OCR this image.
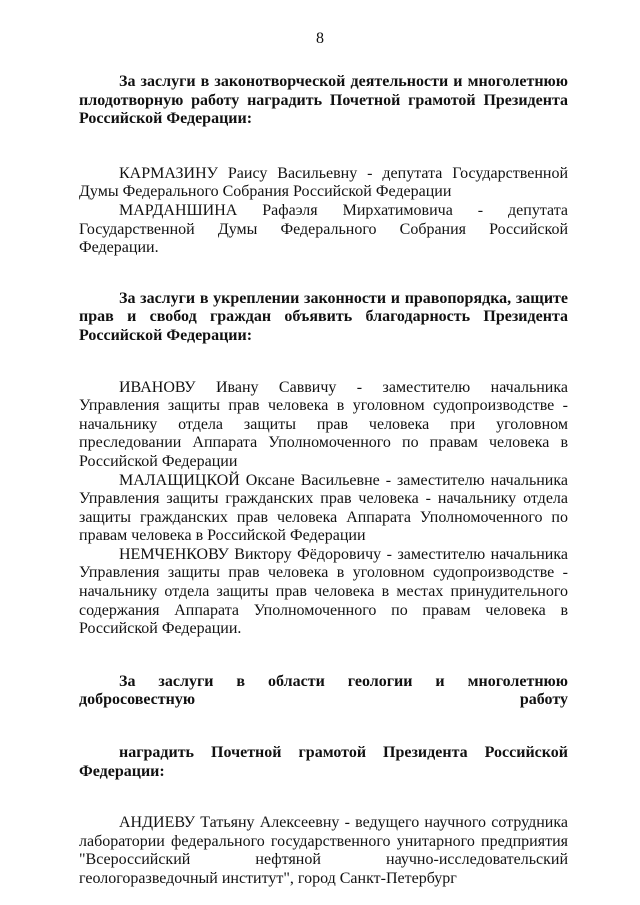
8

За заслуги в законотворческой деятельности и многолетнюю плодотворную работу наградить Почетной грамотой Президента Российской Федерации:

КАРМАЗИНУ Раису Васильевну - депутата Государственной Думы Федерального Собрания Российской Федерации

МАРДАНШИНА Рафаэля Мирхатимовича - депутата Государственной Думы Федерального Собрания Российской Федерации.

За заслуги в укреплении законности и правопорядка, защите прав и свобод граждан объявить благодарность Президента Российской Федерации:

ИВАНОВУ Ивану Саввичу - заместителю начальника Управления защиты прав человека в уголовном судопроизводстве - начальнику отдела защиты прав человека при уголовном преследовании Аппарата Уполномоченного по правам человека в Российской Федерации

МАЛАЩИЦКОЙ Оксане Васильевне - заместителю начальника Управления защиты гражданских прав человека - начальнику отдела защиты гражданских прав человека Аппарата Уполномоченного по правам человека в Российской Федерации

НЕМЧЕНКОВУ Виктору Фёдоровичу - заместителю начальника Управления защиты прав человека в уголовном судопроизводстве - начальнику отдела защиты прав человека в местах принудительного содержания Аппарата Уполномоченного по правам человека в Российской Федерации.

За заслуги в области геологии и многолетнюю добросовестную работу

наградить Почетной грамотой Президента Российской Федерации:

АНДИЕВУ Татьяну Алексеевну - ведущего научного сотрудника лаборатории федерального государственного унитарного предприятия "Всероссийский нефтяной научно-исследовательский геологоразведочный институт", город Санкт-Петербург
